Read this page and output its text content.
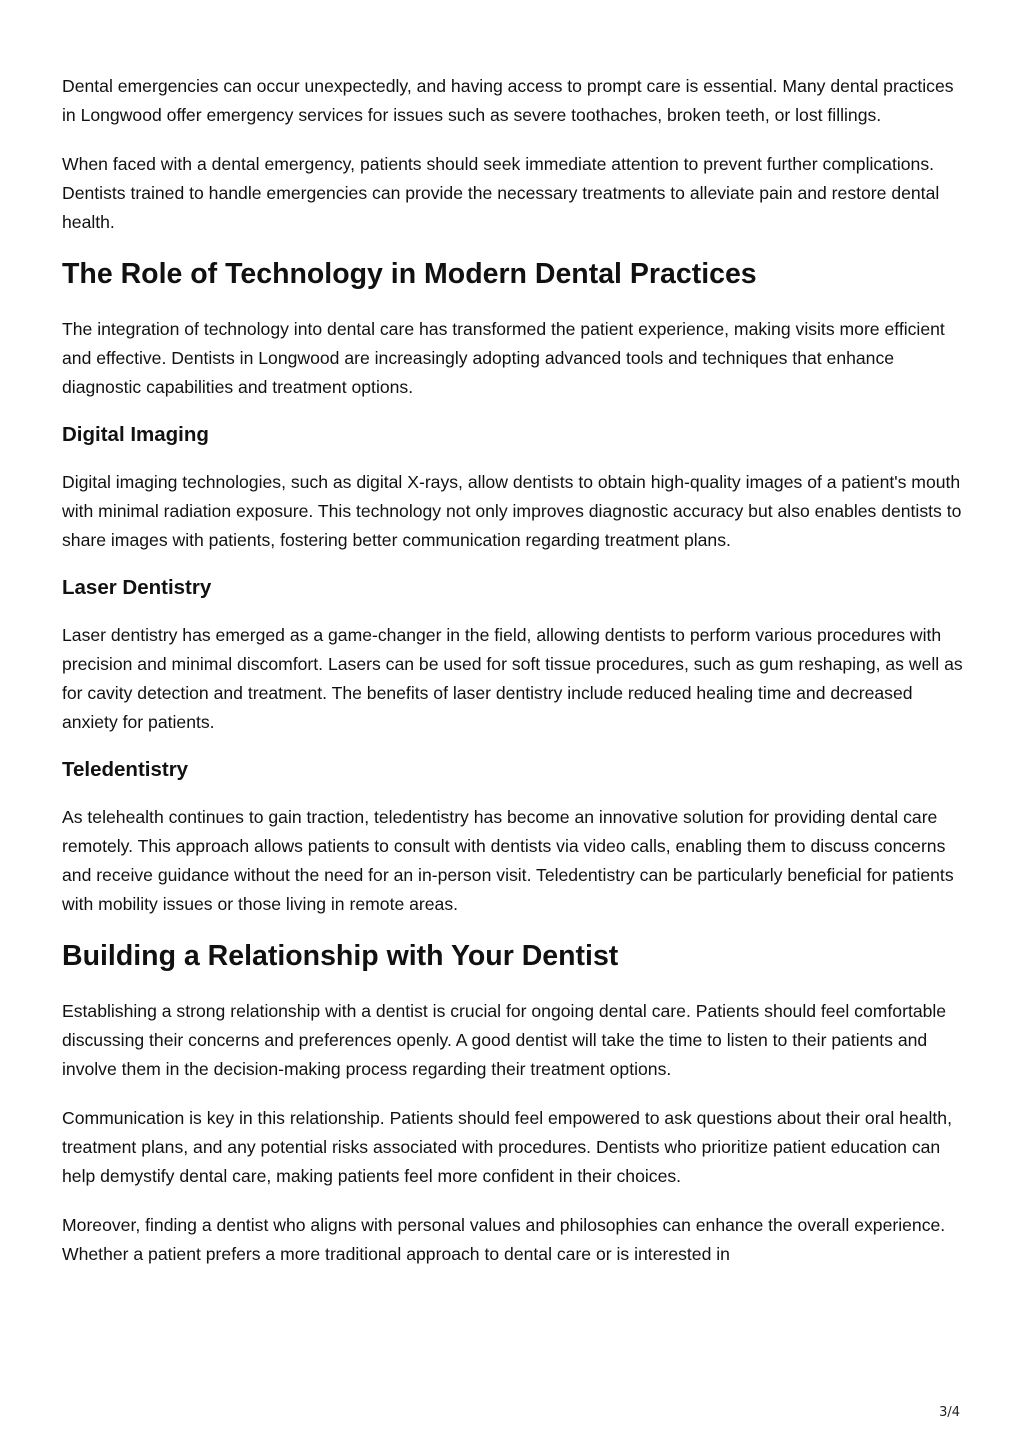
Dental emergencies can occur unexpectedly, and having access to prompt care is essential. Many dental practices in Longwood offer emergency services for issues such as severe toothaches, broken teeth, or lost fillings.

When faced with a dental emergency, patients should seek immediate attention to prevent further complications. Dentists trained to handle emergencies can provide the necessary treatments to alleviate pain and restore dental health.

The Role of Technology in Modern Dental Practices

The integration of technology into dental care has transformed the patient experience, making visits more efficient and effective. Dentists in Longwood are increasingly adopting advanced tools and techniques that enhance diagnostic capabilities and treatment options.

Digital Imaging

Digital imaging technologies, such as digital X-rays, allow dentists to obtain high-quality images of a patient's mouth with minimal radiation exposure. This technology not only improves diagnostic accuracy but also enables dentists to share images with patients, fostering better communication regarding treatment plans.

Laser Dentistry

Laser dentistry has emerged as a game-changer in the field, allowing dentists to perform various procedures with precision and minimal discomfort. Lasers can be used for soft tissue procedures, such as gum reshaping, as well as for cavity detection and treatment. The benefits of laser dentistry include reduced healing time and decreased anxiety for patients.

Teledentistry

As telehealth continues to gain traction, teledentistry has become an innovative solution for providing dental care remotely. This approach allows patients to consult with dentists via video calls, enabling them to discuss concerns and receive guidance without the need for an in-person visit. Teledentistry can be particularly beneficial for patients with mobility issues or those living in remote areas.

Building a Relationship with Your Dentist

Establishing a strong relationship with a dentist is crucial for ongoing dental care. Patients should feel comfortable discussing their concerns and preferences openly. A good dentist will take the time to listen to their patients and involve them in the decision-making process regarding their treatment options.

Communication is key in this relationship. Patients should feel empowered to ask questions about their oral health, treatment plans, and any potential risks associated with procedures. Dentists who prioritize patient education can help demystify dental care, making patients feel more confident in their choices.

Moreover, finding a dentist who aligns with personal values and philosophies can enhance the overall experience. Whether a patient prefers a more traditional approach to dental care or is interested in

3/4
